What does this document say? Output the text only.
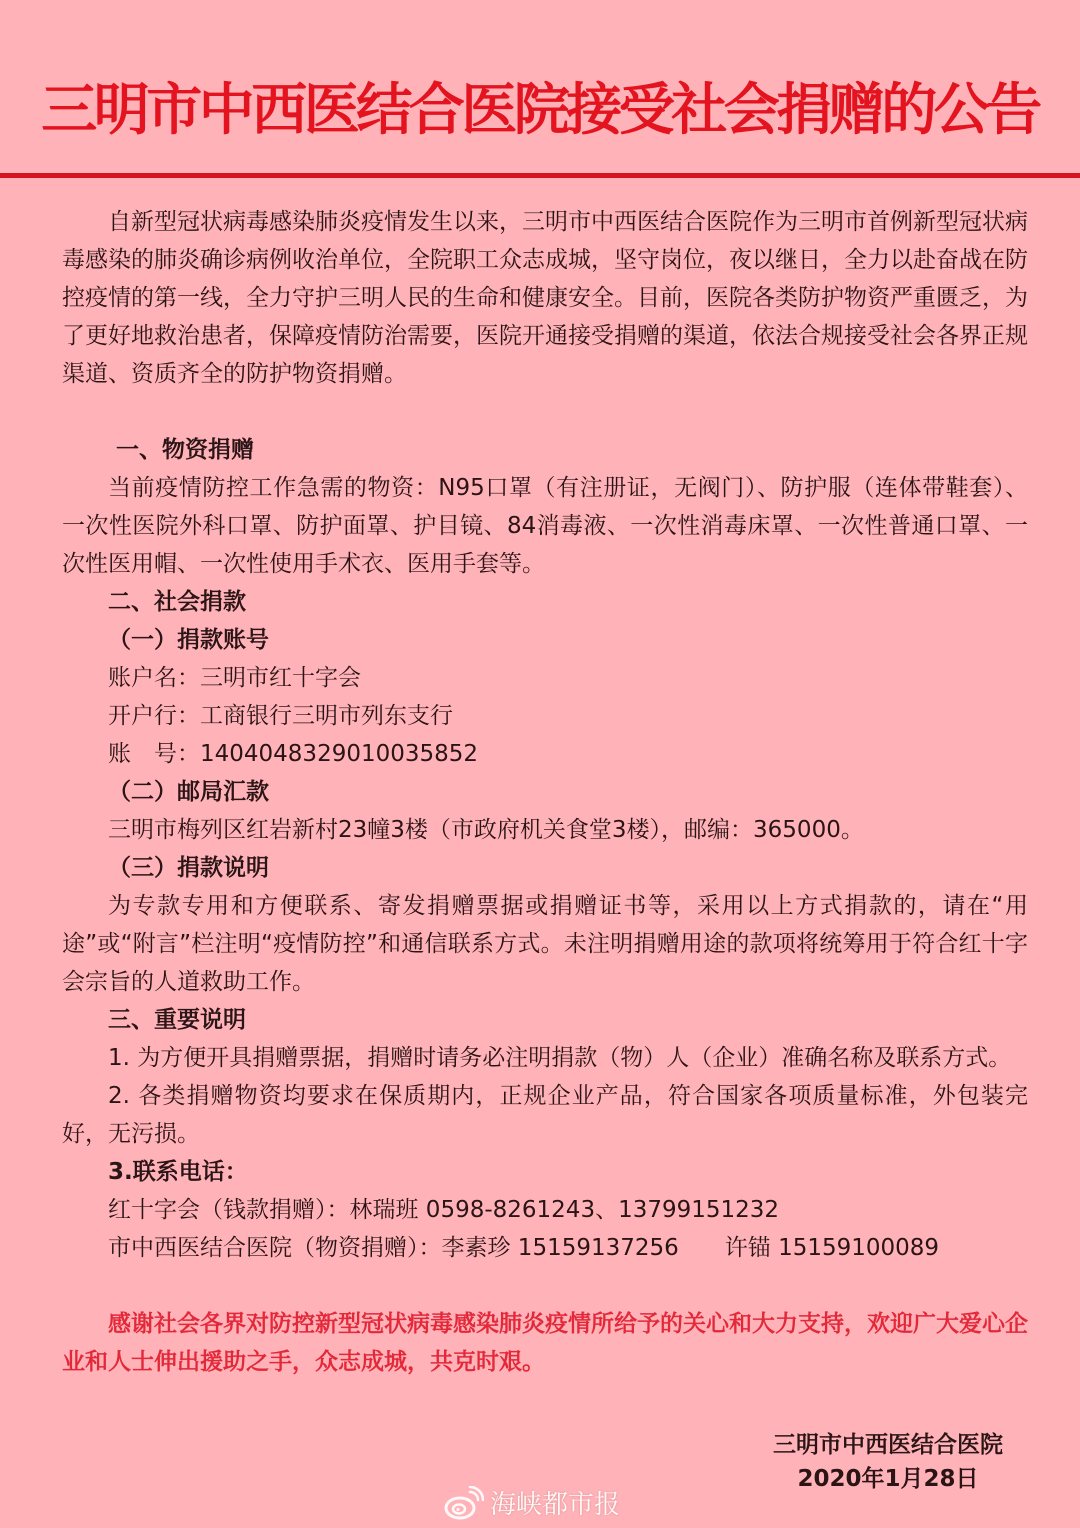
三明市中西医结合医院接受社会捐赠的公告

自新型冠状病毒感染肺炎疫情发生以来，三明市中西医结合医院作为三明市首例新型冠状病毒感染的肺炎确诊病例收治单位，全院职工众志成城，坚守岗位，夜以继日，全力以赴奋战在防控疫情的第一线，全力守护三明人民的生命和健康安全。目前，医院各类防护物资严重匮乏，为了更好地救治患者，保障疫情防治需要，医院开通接受捐赠的渠道，依法合规接受社会各界正规渠道、资质齐全的防护物资捐赠。

一、物资捐赠

当前疫情防控工作急需的物资：N95口罩（有注册证，无阀门）、防护服（连体带鞋套）、一次性医院外科口罩、防护面罩、护目镜、84消毒液、一次性消毒床罩、一次性普通口罩、一次性医用帽、一次性使用手术衣、医用手套等。

二、社会捐款

（一）捐款账号

账户名：三明市红十字会

开户行：工商银行三明市列东支行

账　号：1404048329010035852

（二）邮局汇款

三明市梅列区红岩新村23幢3楼（市政府机关食堂3楼），邮编：365000。

（三）捐款说明

为专款专用和方便联系、寄发捐赠票据或捐赠证书等，采用以上方式捐款的，请在“用途”或“附言”栏注明“疫情防控”和通信联系方式。未注明捐赠用途的款项将统筹用于符合红十字会宗旨的人道救助工作。

三、重要说明

1. 为方便开具捐赠票据，捐赠时请务必注明捐款（物）人（企业）准确名称及联系方式。

2. 各类捐赠物资均要求在保质期内，正规企业产品，符合国家各项质量标准，外包装完好，无污损。

3.联系电话：

红十字会（钱款捐赠）：林瑞班 0598-8261243、13799151232

市中西医结合医院（物资捐赠）：李素珍 15159137256　　许锚 15159100089

感谢社会各界对防控新型冠状病毒感染肺炎疫情所给予的关心和大力支持，欢迎广大爱心企业和人士伸出援助之手，众志成城，共克时艰。

三明市中西医结合医院
2020年1月28日
海峡都市报
